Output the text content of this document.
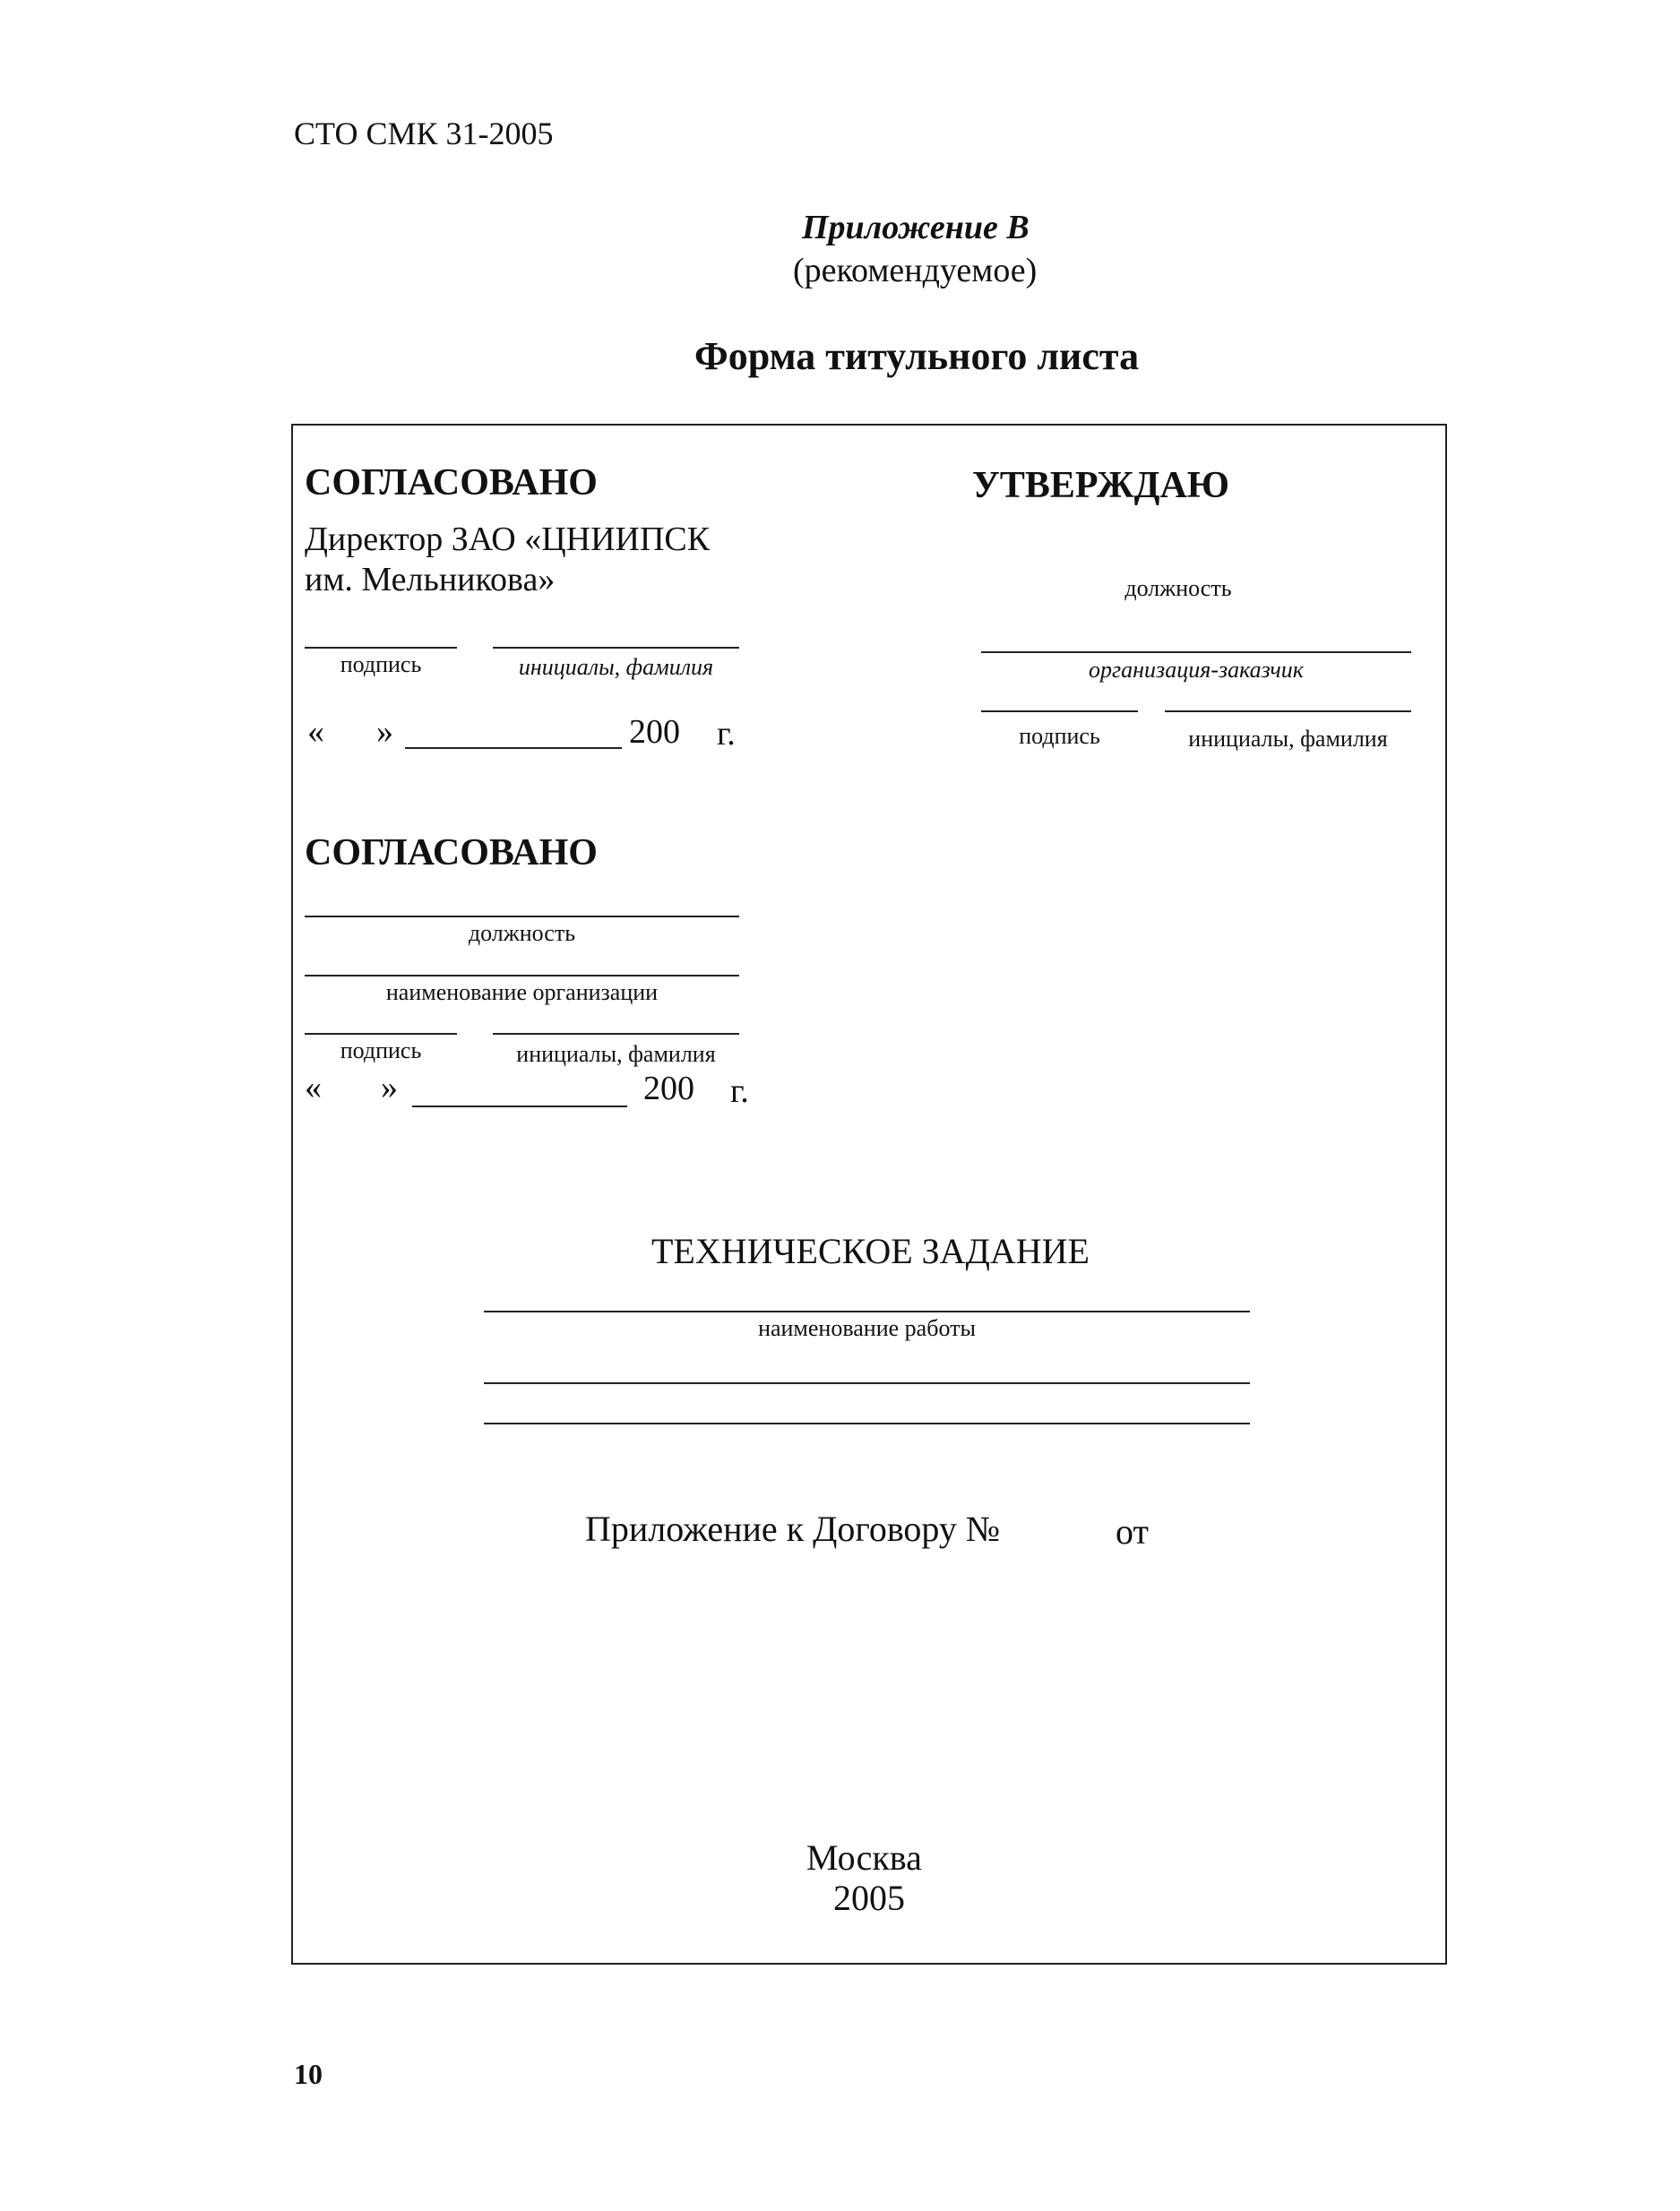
СТО СМК 31-2005
Приложение В
(рекомендуемое)
Форма титульного листа
СОГЛАСОВАНО
Директор ЗАО «ЦНИИПСК
им. Мельникова»
подпись	инициалы, фамилия
« »	200 г.
УТВЕРЖДАЮ
должность
организация-заказчик
подпись	инициалы, фамилия
СОГЛАСОВАНО
должность
наименование организации
подпись	инициалы, фамилия
« »	200 г.
ТЕХНИЧЕСКОЕ ЗАДАНИЕ
наименование работы
Приложение к Договору №	от
Москва
2005
10
